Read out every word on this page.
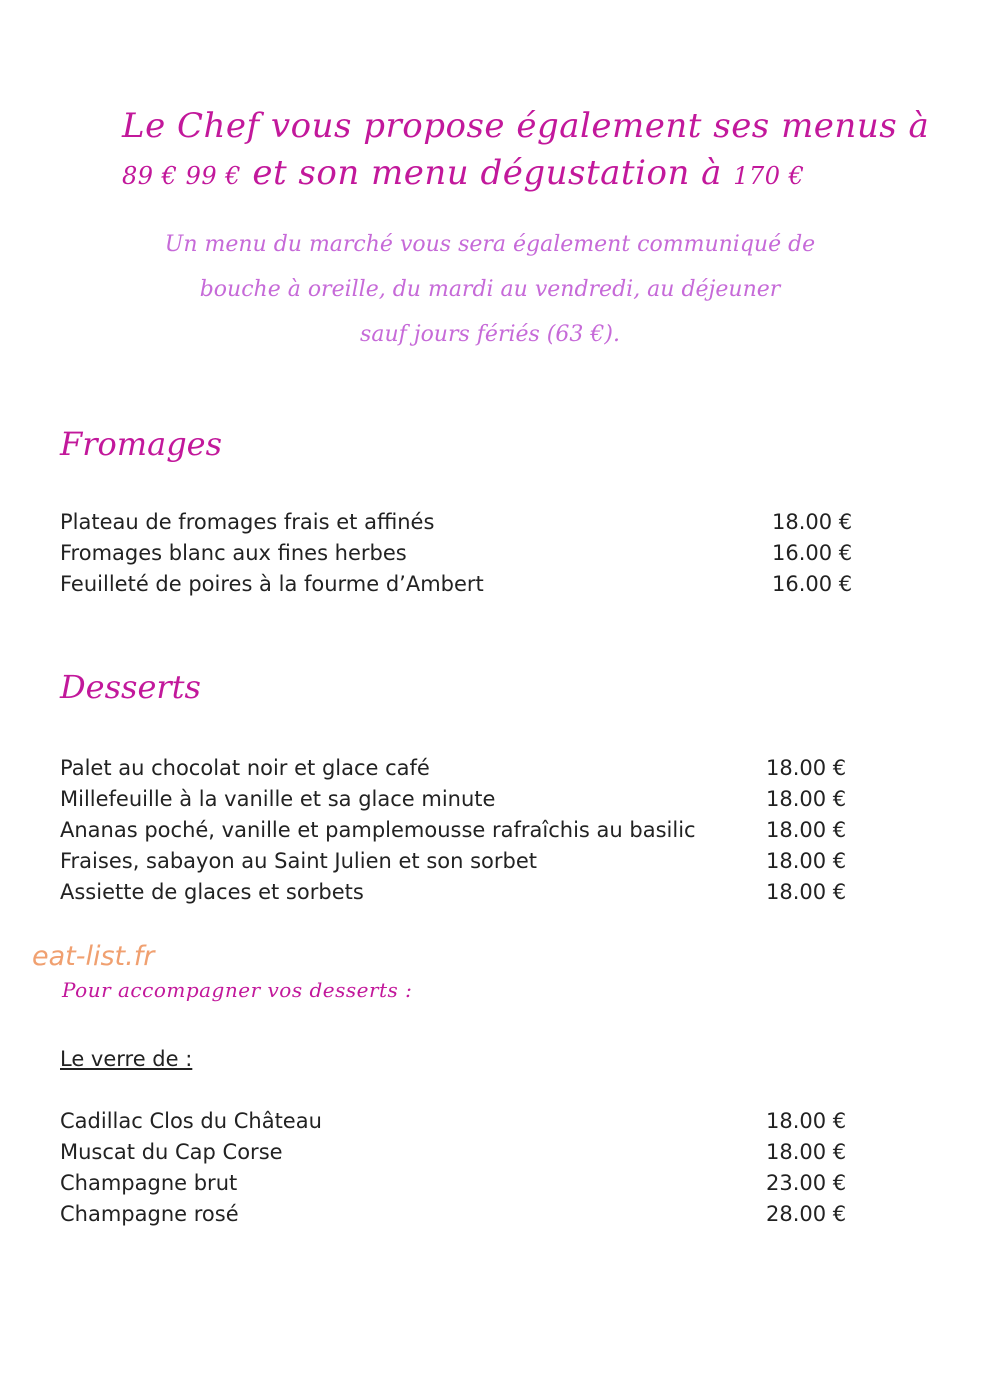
Le Chef vous propose également ses menus à
89 € 99 € et son menu dégustation à 170 €
Un menu du marché vous sera également communiqué de
bouche à oreille, du mardi au vendredi, au déjeuner
sauf jours fériés (63 €).
Fromages
Plateau de fromages frais et affinés	18.00 €
Fromages blanc aux fines herbes	16.00 €
Feuilleté de poires à la fourme d’Ambert	16.00 €
Desserts
Palet au chocolat noir et glace café	18.00 €
Millefeuille à la vanille et sa glace minute	18.00 €
Ananas poché, vanille et pamplemousse rafraîchis au basilic	18.00 €
Fraises, sabayon au Saint Julien et son sorbet	18.00 €
Assiette de glaces et sorbets	18.00 €
eat-list.fr
Pour accompagner vos desserts :
Le verre de :
Cadillac Clos du Château	18.00 €
Muscat du Cap Corse	18.00 €
Champagne brut	23.00 €
Champagne rosé	28.00 €
